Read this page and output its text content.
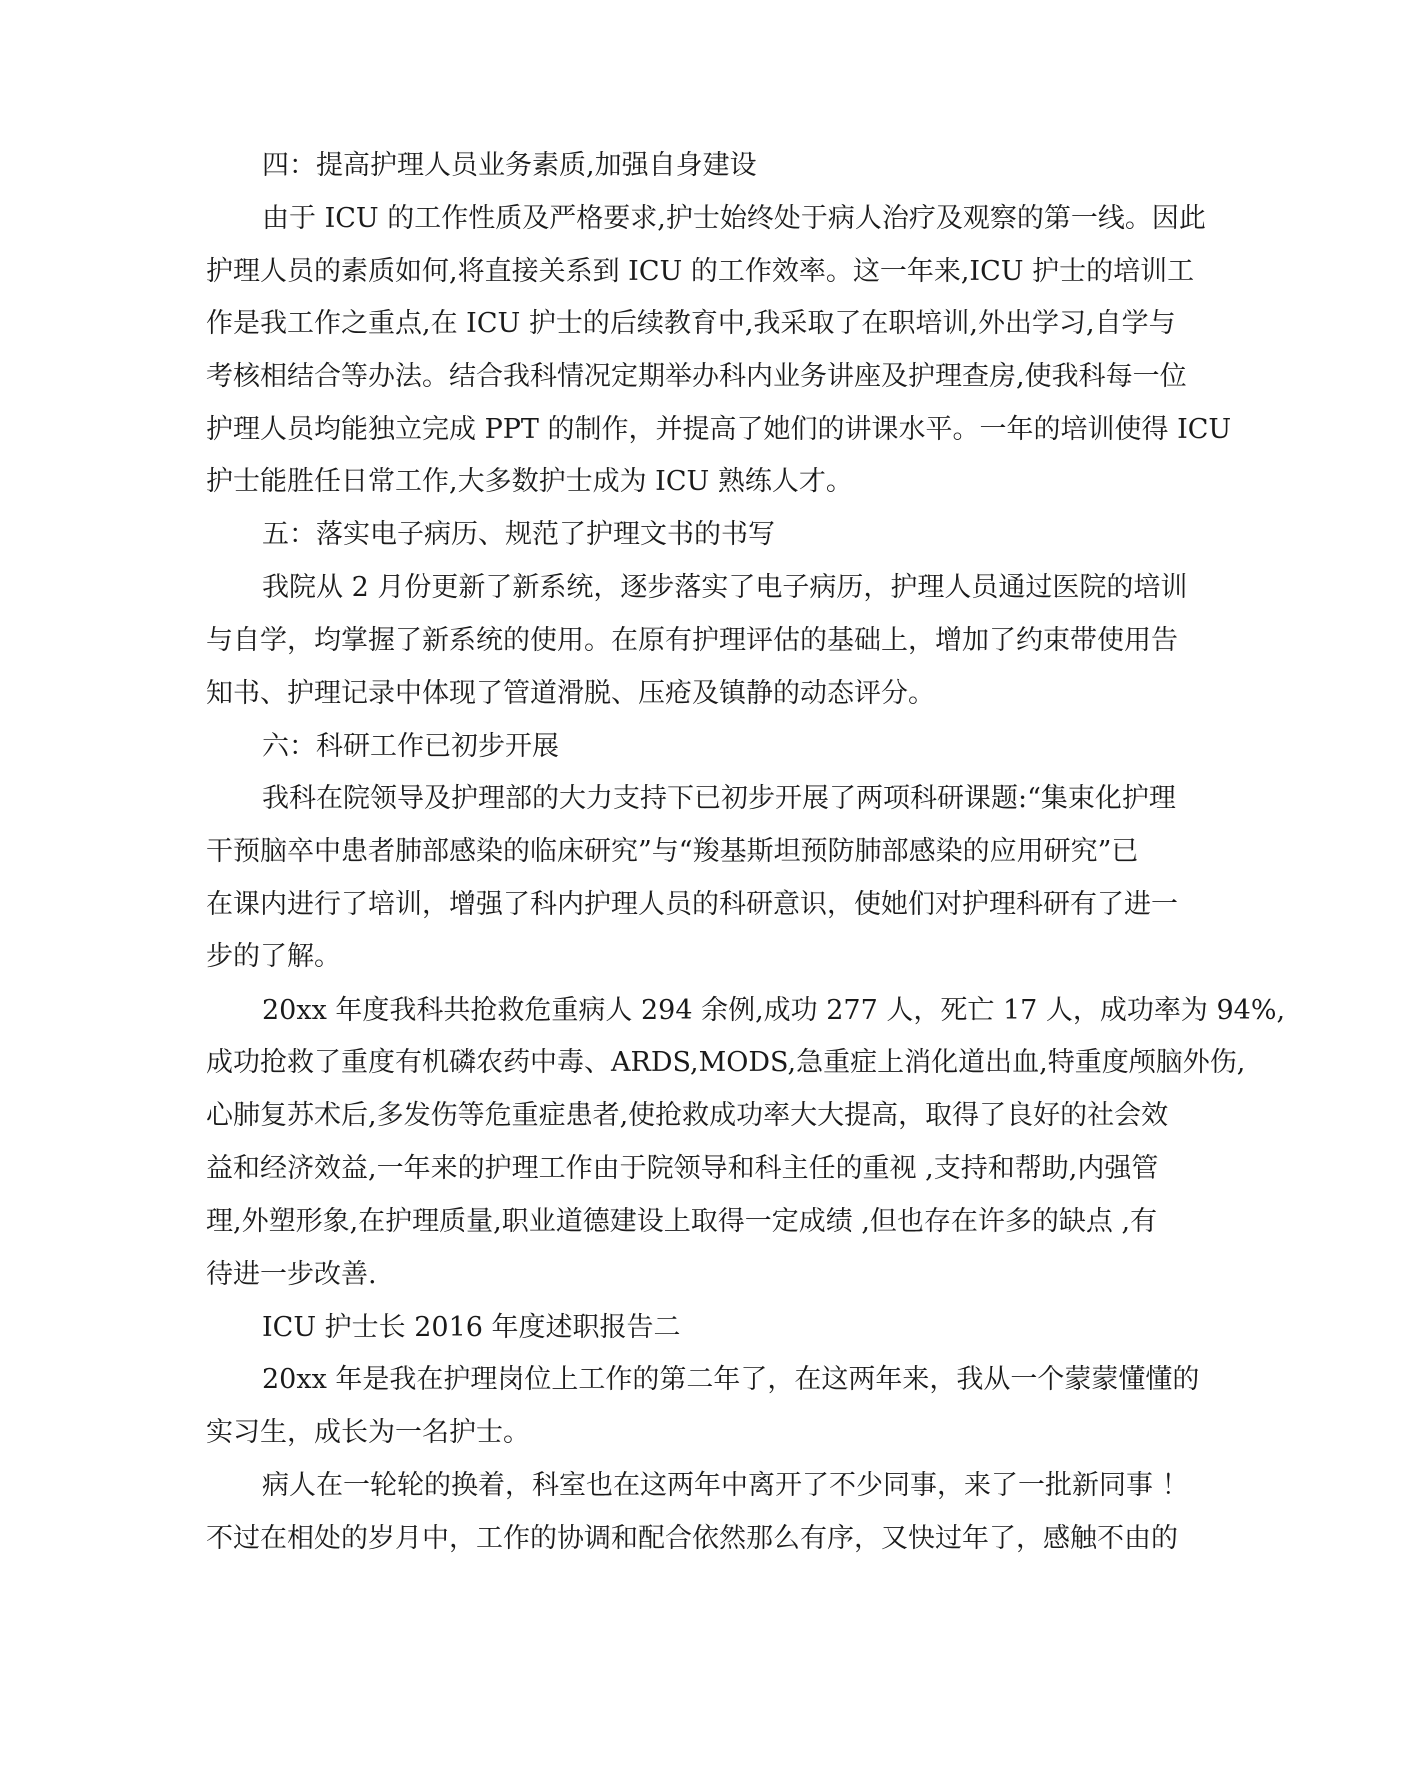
四：提高护理人员业务素质,加强自身建设
由于 ICU 的工作性质及严格要求,护士始终处于病人治疗及观察的第一线。因此
护理人员的素质如何,将直接关系到 ICU 的工作效率。这一年来,ICU 护士的培训工
作是我工作之重点,在 ICU 护士的后续教育中,我采取了在职培训,外出学习,自学与
考核相结合等办法。结合我科情况定期举办科内业务讲座及护理查房,使我科每一位
护理人员均能独立完成 PPT 的制作，并提高了她们的讲课水平。一年的培训使得 ICU
护士能胜任日常工作,大多数护士成为 ICU 熟练人才。
五：落实电子病历、规范了护理文书的书写
我院从 2 月份更新了新系统，逐步落实了电子病历，护理人员通过医院的培训
与自学，均掌握了新系统的使用。在原有护理评估的基础上，增加了约束带使用告
知书、护理记录中体现了管道滑脱、压疮及镇静的动态评分。
六：科研工作已初步开展
我科在院领导及护理部的大力支持下已初步开展了两项科研课题:“集束化护理
干预脑卒中患者肺部感染的临床研究”与“羧基斯坦预防肺部感染的应用研究”已
在课内进行了培训，增强了科内护理人员的科研意识，使她们对护理科研有了进一
步的了解。
20xx 年度我科共抢救危重病人 294 余例,成功 277 人，死亡 17 人，成功率为 94%,
成功抢救了重度有机磷农药中毒、ARDS,MODS,急重症上消化道出血,特重度颅脑外伤,
心肺复苏术后,多发伤等危重症患者,使抢救成功率大大提高，取得了良好的社会效
益和经济效益,一年来的护理工作由于院领导和科主任的重视 ,支持和帮助,内强管
理,外塑形象,在护理质量,职业道德建设上取得一定成绩 ,但也存在许多的缺点 ,有
待进一步改善.
ICU 护士长 2016 年度述职报告二
20xx 年是我在护理岗位上工作的第二年了，在这两年来，我从一个蒙蒙懂懂的
实习生，成长为一名护士。
病人在一轮轮的换着，科室也在这两年中离开了不少同事，来了一批新同事 ！
不过在相处的岁月中，工作的协调和配合依然那么有序，又快过年了，感触不由的
